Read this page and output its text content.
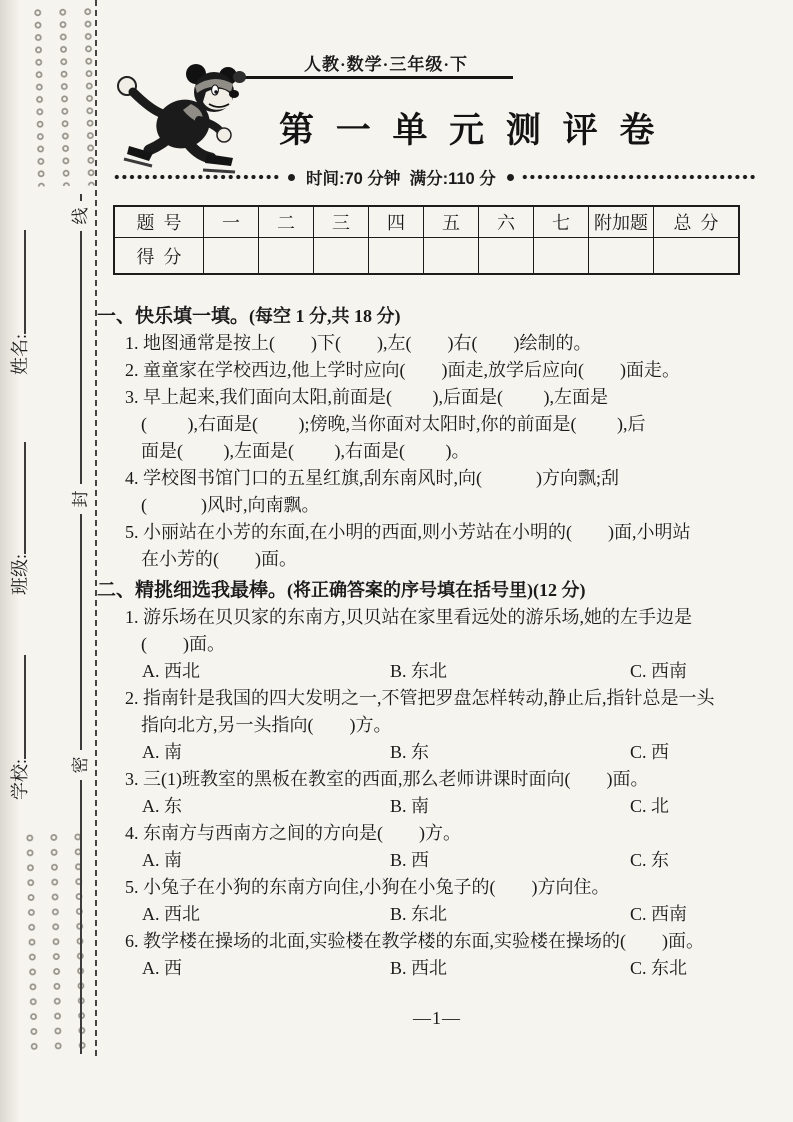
线
封
密
姓名:
班级:
学校:
人教·数学·三年级·下
第 一 单 元 测 评 卷
时间:70 分钟  满分:110 分
题  号	一	二	三	四	五	六	七	附加题	总  分
得  分									
一、快乐填一填。(每空 1 分,共 18 分)
1. 地图通常是按上(        )下(        ),左(        )右(        )绘制的。
2. 童童家在学校西边,他上学时应向(        )面走,放学后应向(        )面走。
3. 早上起来,我们面向太阳,前面是(         ),后面是(         ),左面是
(         ),右面是(         );傍晚,当你面对太阳时,你的前面是(         ),后
面是(         ),左面是(         ),右面是(         )。
4. 学校图书馆门口的五星红旗,刮东南风时,向(            )方向飘;刮
(            )风时,向南飘。
5. 小丽站在小芳的东面,在小明的西面,则小芳站在小明的(        )面,小明站
在小芳的(        )面。
二、精挑细选我最棒。(将正确答案的序号填在括号里)(12 分)
1. 游乐场在贝贝家的东南方,贝贝站在家里看远处的游乐场,她的左手边是
(        )面。
A. 西北	B. 东北	C. 西南
2. 指南针是我国的四大发明之一,不管把罗盘怎样转动,静止后,指针总是一头
指向北方,另一头指向(        )方。
A. 南	B. 东	C. 西
3. 三(1)班教室的黑板在教室的西面,那么老师讲课时面向(        )面。
A. 东	B. 南	C. 北
4. 东南方与西南方之间的方向是(        )方。
A. 南	B. 西	C. 东
5. 小兔子在小狗的东南方向住,小狗在小兔子的(        )方向住。
A. 西北	B. 东北	C. 西南
6. 教学楼在操场的北面,实验楼在教学楼的东面,实验楼在操场的(        )面。
A. 西	B. 西北	C. 东北
—1—
